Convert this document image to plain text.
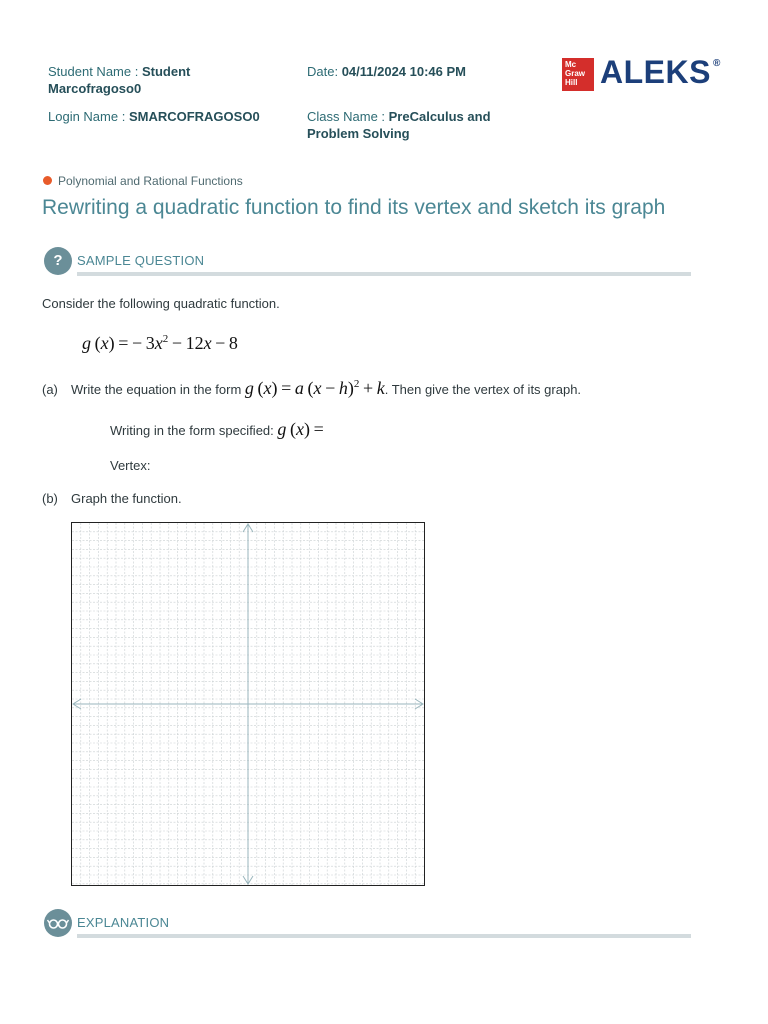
Student Name : Student
Marcofragoso0
Date: 04/11/2024 10:46 PM
Login Name : SMARCOFRAGOSO0	Class Name : PreCalculus and
Problem Solving
Mc
Graw
Hill ALEKS ®
Polynomial and Rational Functions
Rewriting a quadratic function to find its vertex and sketch its graph
?	SAMPLE QUESTION
Consider the following quadratic function.
g (x) = − $3x^2 - 12x - 8$
(a) Write the equation in the form g (x) = a $(x - h)^2 + k$. Then give the vertex of its graph.
Writing in the form specified: g (x) =
Vertex:
(b) Graph the function.
EXPLANATION
